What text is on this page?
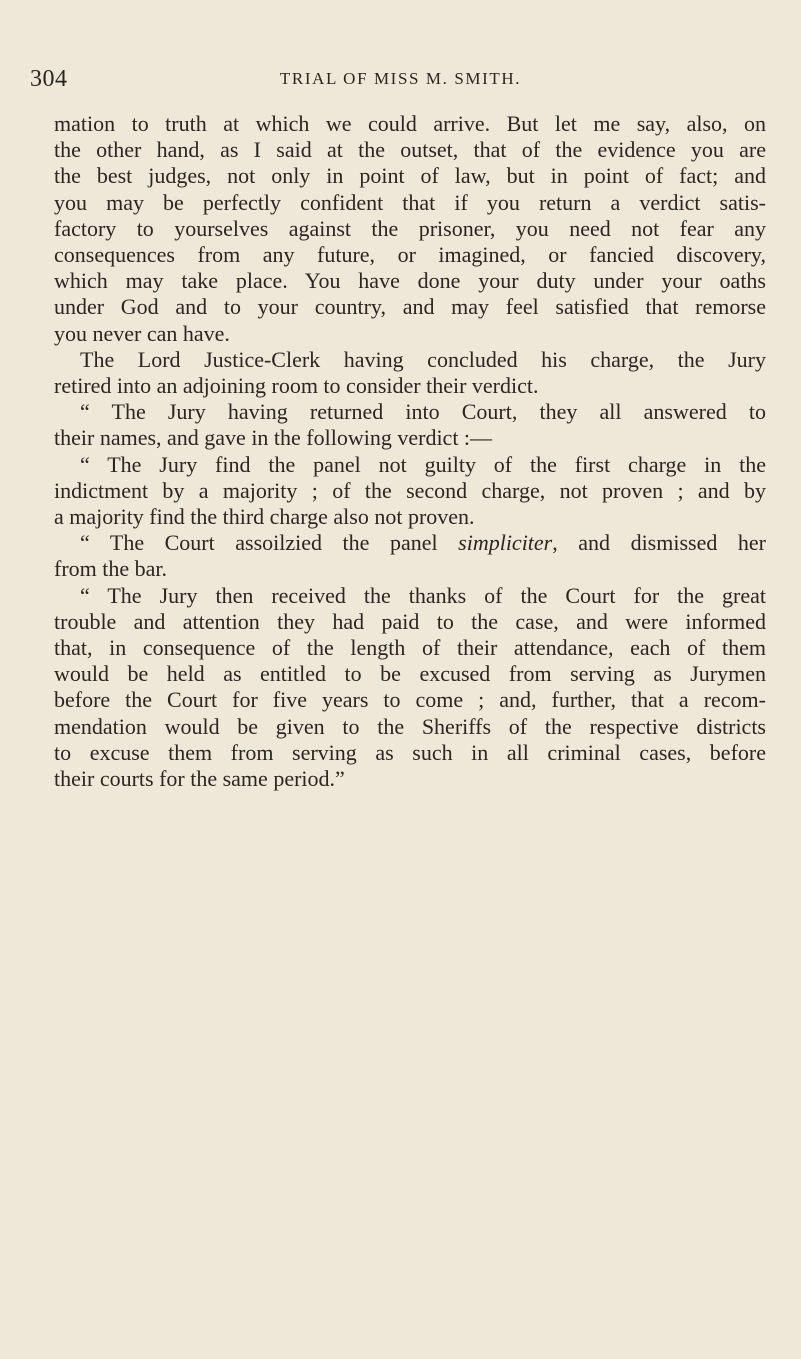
304	TRIAL OF MISS M. SMITH.
mation to truth at which we could arrive. But let me say, also, on
the other hand, as I said at the outset, that of the evidence you are
the best judges, not only in point of law, but in point of fact; and
you may be perfectly confident that if you return a verdict satis-
factory to yourselves against the prisoner, you need not fear any
consequences from any future, or imagined, or fancied discovery,
which may take place. You have done your duty under your oaths
under God and to your country, and may feel satisfied that remorse
you never can have.
The Lord Justice-Clerk having concluded his charge, the Jury
retired into an adjoining room to consider their verdict.
“ The Jury having returned into Court, they all answered to
their names, and gave in the following verdict :—
“ The Jury find the panel not guilty of the first charge in the
indictment by a majority ; of the second charge, not proven ; and by
a majority find the third charge also not proven.
“ The Court assoilzied the panel simpliciter, and dismissed her
from the bar.
“ The Jury then received the thanks of the Court for the great
trouble and attention they had paid to the case, and were informed
that, in consequence of the length of their attendance, each of them
would be held as entitled to be excused from serving as Jurymen
before the Court for five years to come ; and, further, that a recom-
mendation would be given to the Sheriffs of the respective districts
to excuse them from serving as such in all criminal cases, before
their courts for the same period.”
